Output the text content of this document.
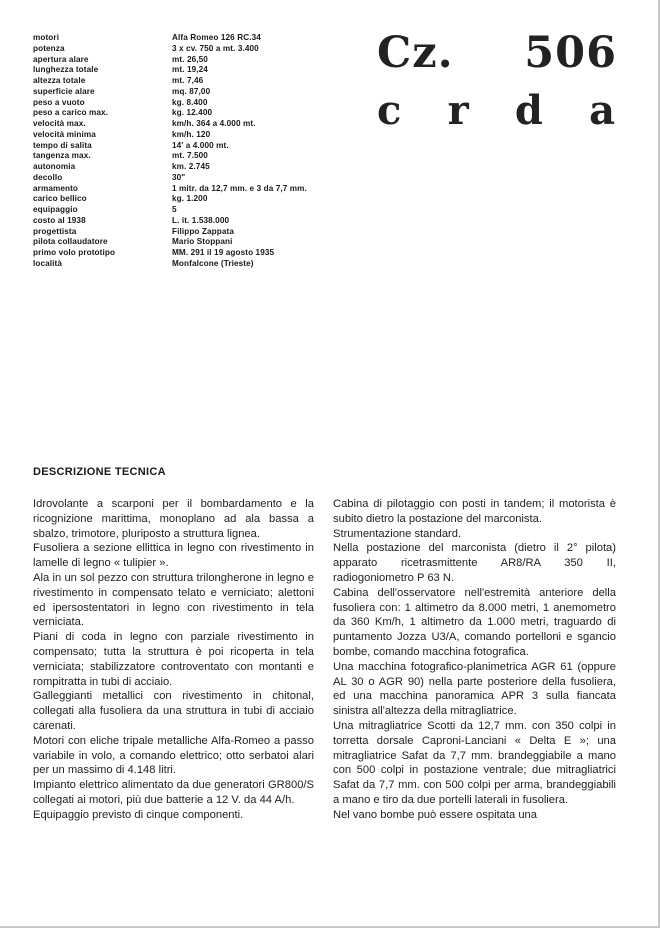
motori	Alfa Romeo 126 RC.34
potenza	3 x cv. 750 a mt. 3.400
apertura alare	mt. 26,50
lunghezza totale	mt. 19,24
altezza totale	mt. 7,46
superficie alare	mq. 87,00
peso a vuoto	kg. 8.400
peso a carico max.	kg. 12.400
velocità max.	km/h. 364 a 4.000 mt.
velocità minima	km/h. 120
tempo di salita	14' a 4.000 mt.
tangenza max.	mt. 7.500
autonomia	km. 2.745
decollo	30"
armamento	1 mitr. da 12,7 mm. e 3 da 7,7 mm.
carico bellico	kg. 1.200
equipaggio	5
costo al 1938	L. it. 1.538.000
progettista	Filippo Zappata
pilota collaudatore	Mario Stoppani
primo volo prototipo	MM. 291 il 19 agosto 1935
località	Monfalcone (Trieste)
Cz. 506
c r d a
DESCRIZIONE TECNICA

Idrovolante a scarponi per il bombardamento e la ricognizione marittima, monoplano ad ala bassa a sbalzo, trimotore, pluriposto a struttura lignea.

Fusoliera a sezione ellittica in legno con rivestimento in lamelle di legno « tulipier ».

Ala in un sol pezzo con struttura trilongherone in legno e rivestimento in compensato telato e verniciato; alettoni ed ipersostentatori in legno con rivestimento in tela verniciata.

Piani di coda in legno con parziale rivestimento in compensato; tutta la struttura è poi ricoperta in tela verniciata; stabilizzatore controventato con montanti e rompitratta in tubi di acciaio.

Galleggianti metallici con rivestimento in chitonal, collegati alla fusoliera da una struttura in tubi di acciaio carenati.

Motori con eliche tripale metalliche Alfa-Romeo a passo variabile in volo, a comando elettrico; otto serbatoi alari per un massimo di 4.148 litri.

Impianto elettrico alimentato da due generatori GR800/S collegati ai motori, più due batterie a 12 V. da 44 A/h.

Equipaggio previsto di cinque componenti.

Cabina di pilotaggio con posti in tandem; il motorista è subito dietro la postazione del marconista.

Strumentazione standard.

Nella postazione del marconista (dietro il 2° pilota) apparato ricetrasmittente AR8/RA 350 II, radiogoniometro P 63 N.

Cabina dell'osservatore nell'estremità anteriore della fusoliera con: 1 altimetro da 8.000 metri, 1 anemometro da 360 Km/h, 1 altimetro da 1.000 metri, traguardo di puntamento Jozza U3/A, comando portelloni e sgancio bombe, comando macchina fotografica.

Una macchina fotografico-planimetrica AGR 61 (oppure AL 30 o AGR 90) nella parte posteriore della fusoliera, ed una macchina panoramica APR 3 sulla fiancata sinistra all'altezza della mitragliatrice.

Una mitragliatrice Scotti da 12,7 mm. con 350 colpi in torretta dorsale Caproni-Lanciani « Delta E »; una mitragliatrice Safat da 7,7 mm. brandeggiabile a mano con 500 colpi in postazione ventrale; due mitragliatrici Safat da 7,7 mm. con 500 colpi per arma, brandeggiabili a mano e tiro da due portelli laterali in fusoliera.

Nel vano bombe può essere ospitata una
